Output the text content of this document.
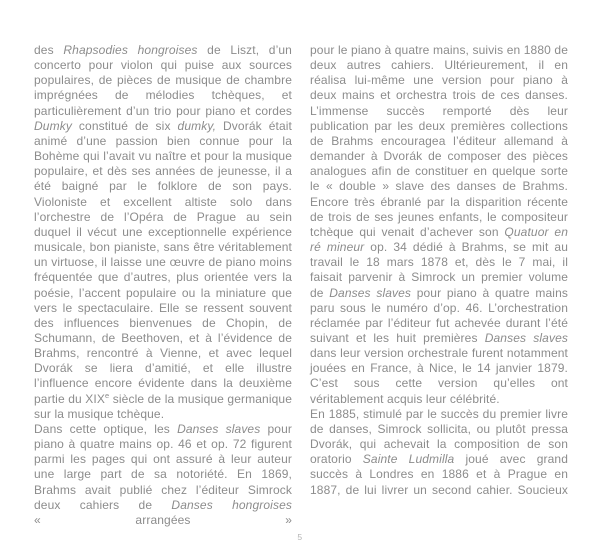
des Rhapsodies hongroises de Liszt, d’un concerto pour violon qui puise aux sources populaires, de pièces de musique de chambre imprégnées de mélodies tchèques, et particulièrement d’un trio pour piano et cordes Dumky constitué de six dumky, Dvorák était animé d’une passion bien connue pour la Bohème qui l’avait vu naître et pour la musique populaire, et dès ses années de jeunesse, il a été baigné par le folklore de son pays. Violoniste et excellent altiste solo dans l’orchestre de l’Opéra de Prague au sein duquel il vécut une exceptionnelle expérience musicale, bon pianiste, sans être véritablement un virtuose, il laisse une œuvre de piano moins fréquentée que d’autres, plus orientée vers la poésie, l’accent populaire ou la miniature que vers le spectaculaire. Elle se ressent souvent des influences bienvenues de Chopin, de Schumann, de Beethoven, et à l’évidence de Brahms, rencontré à Vienne, et avec lequel Dvorák se liera d’amitié, et elle illustre l’influence encore évidente dans la deuxième partie du XIXe siècle de la musique germanique sur la musique tchèque.

Dans cette optique, les Danses slaves pour piano à quatre mains op. 46 et op. 72 figurent parmi les pages qui ont assuré à leur auteur une large part de sa notoriété. En 1869, Brahms avait publié chez l’éditeur Simrock deux cahiers de Danses hongroises « arrangées »

pour le piano à quatre mains, suivis en 1880 de deux autres cahiers. Ultérieurement, il en réalisa lui-même une version pour piano à deux mains et orchestra trois de ces danses. L’immense succès remporté dès leur publication par les deux premières collections de Brahms encouragea l’éditeur allemand à demander à Dvorák de composer des pièces analogues afin de constituer en quelque sorte le « double » slave des danses de Brahms. Encore très ébranlé par la disparition récente de trois de ses jeunes enfants, le compositeur tchèque qui venait d’achever son Quatuor en ré mineur op. 34 dédié à Brahms, se mit au travail le 18 mars 1878 et, dès le 7 mai, il faisait parvenir à Simrock un premier volume de Danses slaves pour piano à quatre mains paru sous le numéro d’op. 46. L’orchestration réclamée par l’éditeur fut achevée durant l’été suivant et les huit premières Danses slaves dans leur version orchestrale furent notamment jouées en France, à Nice, le 14 janvier 1879. C’est sous cette version qu’elles ont véritablement acquis leur célébrité.

En 1885, stimulé par le succès du premier livre de danses, Simrock sollicita, ou plutôt pressa Dvorák, qui achevait la composition de son oratorio Sainte Ludmilla joué avec grand succès à Londres en 1886 et à Prague en 1887, de lui livrer un second cahier. Soucieux

5
